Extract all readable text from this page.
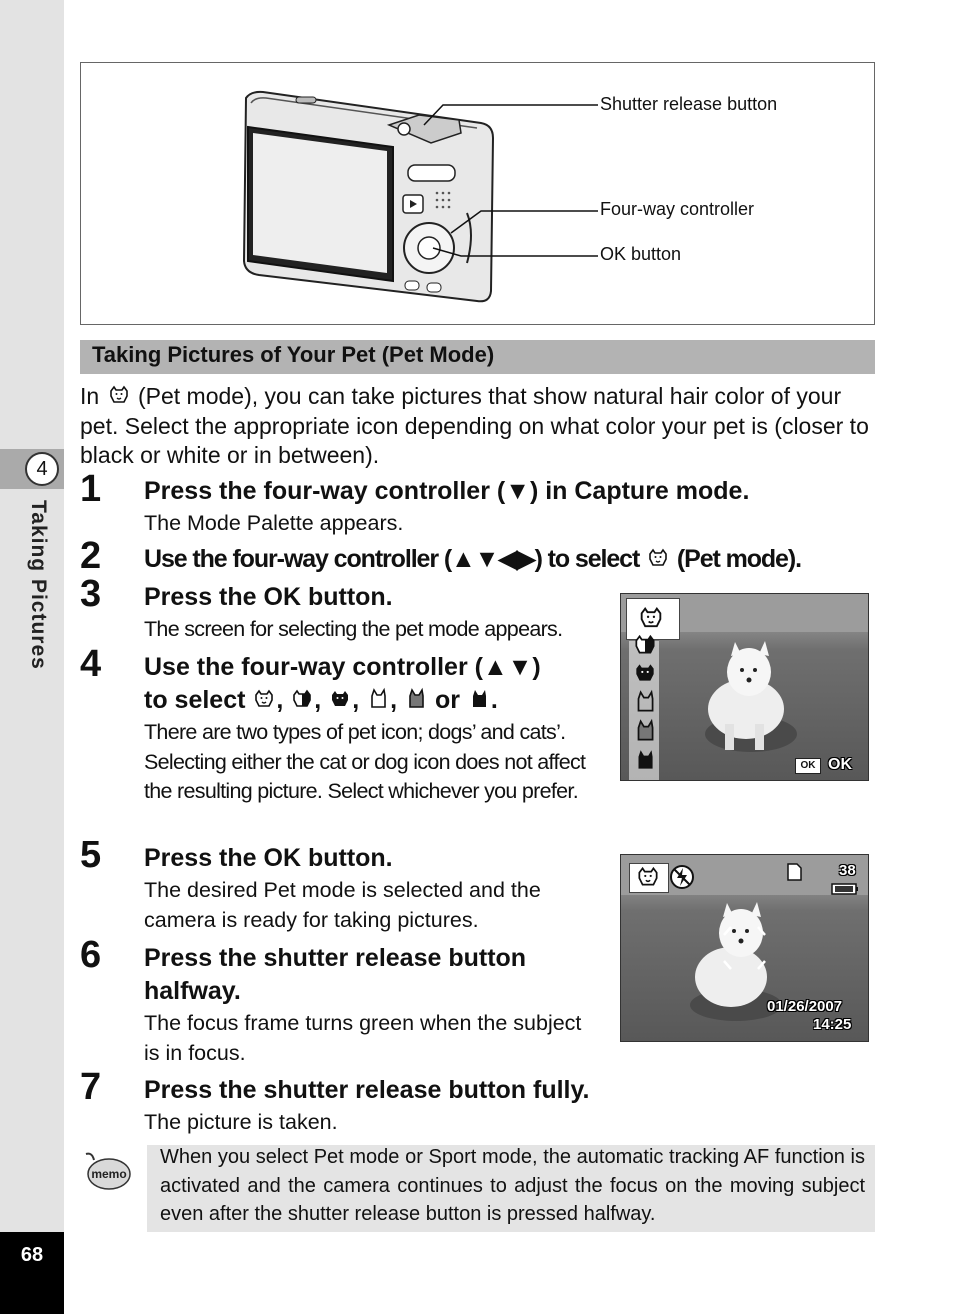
4
Taking Pictures
68
Shutter release button
Four-way controller
OK button
Taking Pictures of Your Pet (Pet Mode)
In (Pet mode), you can take pictures that show natural hair color of your pet. Select the appropriate icon depending on what color your pet is (closer to black or white or in between).
1 Press the four-way controller (▼) in Capture mode.
The Mode Palette appears.
2 Use the four-way controller (▲▼◀▶) to select (Pet mode).
3 Press the OK button.
The screen for selecting the pet mode appears.
OK OK
4 Use the four-way controller (▲▼)
to select , , , ,  or .
There are two types of pet icon; dogs’ and cats’. Selecting either the cat or dog icon does not affect the resulting picture. Select whichever you prefer.
5 Press the OK button.
The desired Pet mode is selected and the camera is ready for taking pictures.
38
01/26/2007
14:25
6 Press the shutter release button halfway.
The focus frame turns green when the subject is in focus.
7 Press the shutter release button fully.
The picture is taken.
memo
When you select Pet mode or Sport mode, the automatic tracking AF function is activated and the camera continues to adjust the focus on the moving subject even after the shutter release button is pressed halfway.
